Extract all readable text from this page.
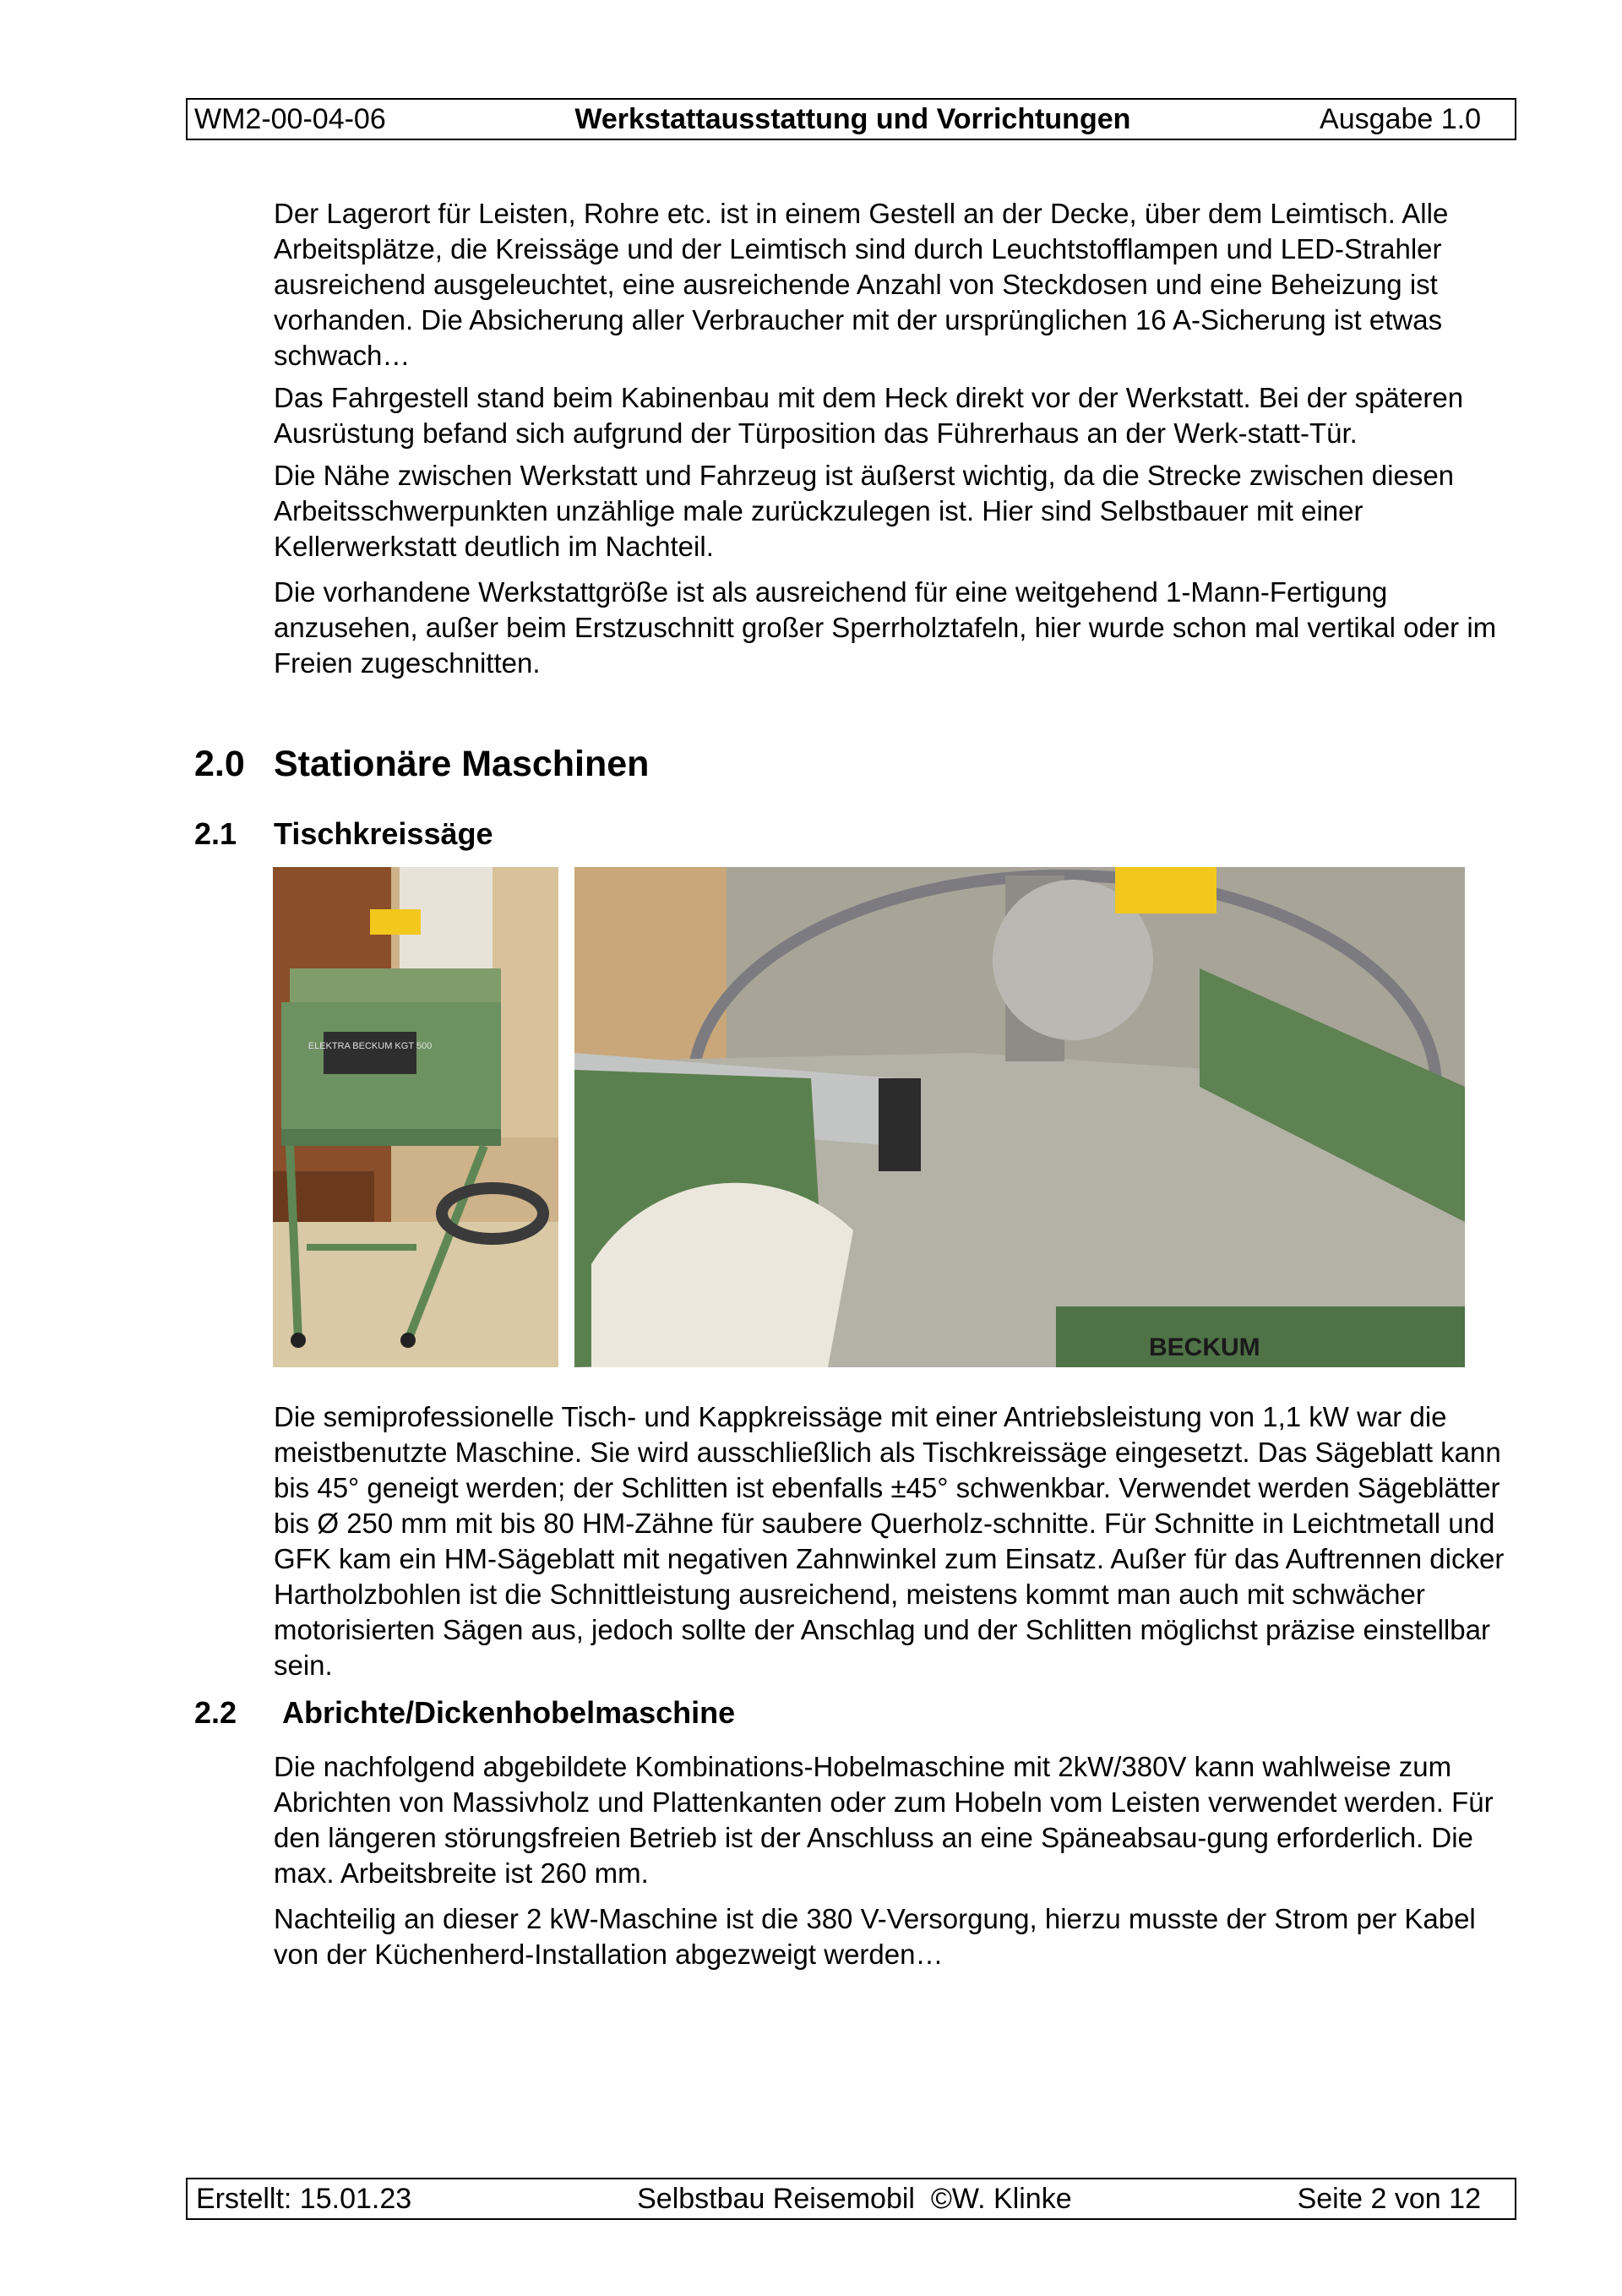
WM2-00-04-06	Werkstattausstattung und Vorrichtungen	Ausgabe 1.0

Der Lagerort für Leisten, Rohre etc. ist in einem Gestell an der Decke, über dem Leimtisch. Alle Arbeitsplätze, die Kreissäge und der Leimtisch sind durch Leuchtstofflampen und LED-Strahler ausreichend ausgeleuchtet, eine ausreichende Anzahl von Steckdosen und eine Beheizung ist vorhanden. Die Absicherung aller Verbraucher mit der ursprünglichen 16 A-Sicherung ist etwas schwach…

Das Fahrgestell stand beim Kabinenbau mit dem Heck direkt vor der Werkstatt. Bei der späteren Ausrüstung befand sich aufgrund der Türposition das Führerhaus an der Werk-statt-Tür.

Die Nähe zwischen Werkstatt und Fahrzeug ist äußerst wichtig, da die Strecke zwischen diesen Arbeitsschwerpunkten unzählige male zurückzulegen ist. Hier sind Selbstbauer mit einer Kellerwerkstatt deutlich im Nachteil.

Die vorhandene Werkstattgröße ist als ausreichend für eine weitgehend 1-Mann-Fertigung anzusehen, außer beim Erstzuschnitt großer Sperrholztafeln, hier wurde schon mal vertikal oder im Freien zugeschnitten.

2.0 Stationäre Maschinen
2.1	Tischkreissäge
ELEKTRA BECKUM KGT 500
BECKUM

Die semiprofessionelle Tisch- und Kappkreissäge mit einer Antriebsleistung von 1,1 kW war die meistbenutzte Maschine. Sie wird ausschließlich als Tischkreissäge eingesetzt. Das Sägeblatt kann bis 45° geneigt werden; der Schlitten ist ebenfalls ±45° schwenkbar. Verwendet werden Sägeblätter bis Ø 250 mm mit bis 80 HM-Zähne für saubere Querholz-schnitte. Für Schnitte in Leichtmetall und GFK kam ein HM-Sägeblatt mit negativen Zahnwinkel zum Einsatz. Außer für das Auftrennen dicker Hartholzbohlen ist die Schnittleistung ausreichend, meistens kommt man auch mit schwächer motorisierten Sägen aus, jedoch sollte der Anschlag und der Schlitten möglichst präzise einstellbar sein.

2.2	Abrichte/Dickenhobelmaschine

Die nachfolgend abgebildete Kombinations-Hobelmaschine mit 2kW/380V kann wahlweise zum Abrichten von Massivholz und Plattenkanten oder zum Hobeln vom Leisten verwendet werden. Für den längeren störungsfreien Betrieb ist der Anschluss an eine Späneabsau-gung erforderlich. Die max. Arbeitsbreite ist 260 mm.

Nachteilig an dieser 2 kW-Maschine ist die 380 V-Versorgung, hierzu musste der Strom per Kabel von der Küchenherd-Installation abgezweigt werden…

Erstellt: 15.01.23	Selbstbau Reisemobil  ©W. Klinke	Seite 2 von 12
